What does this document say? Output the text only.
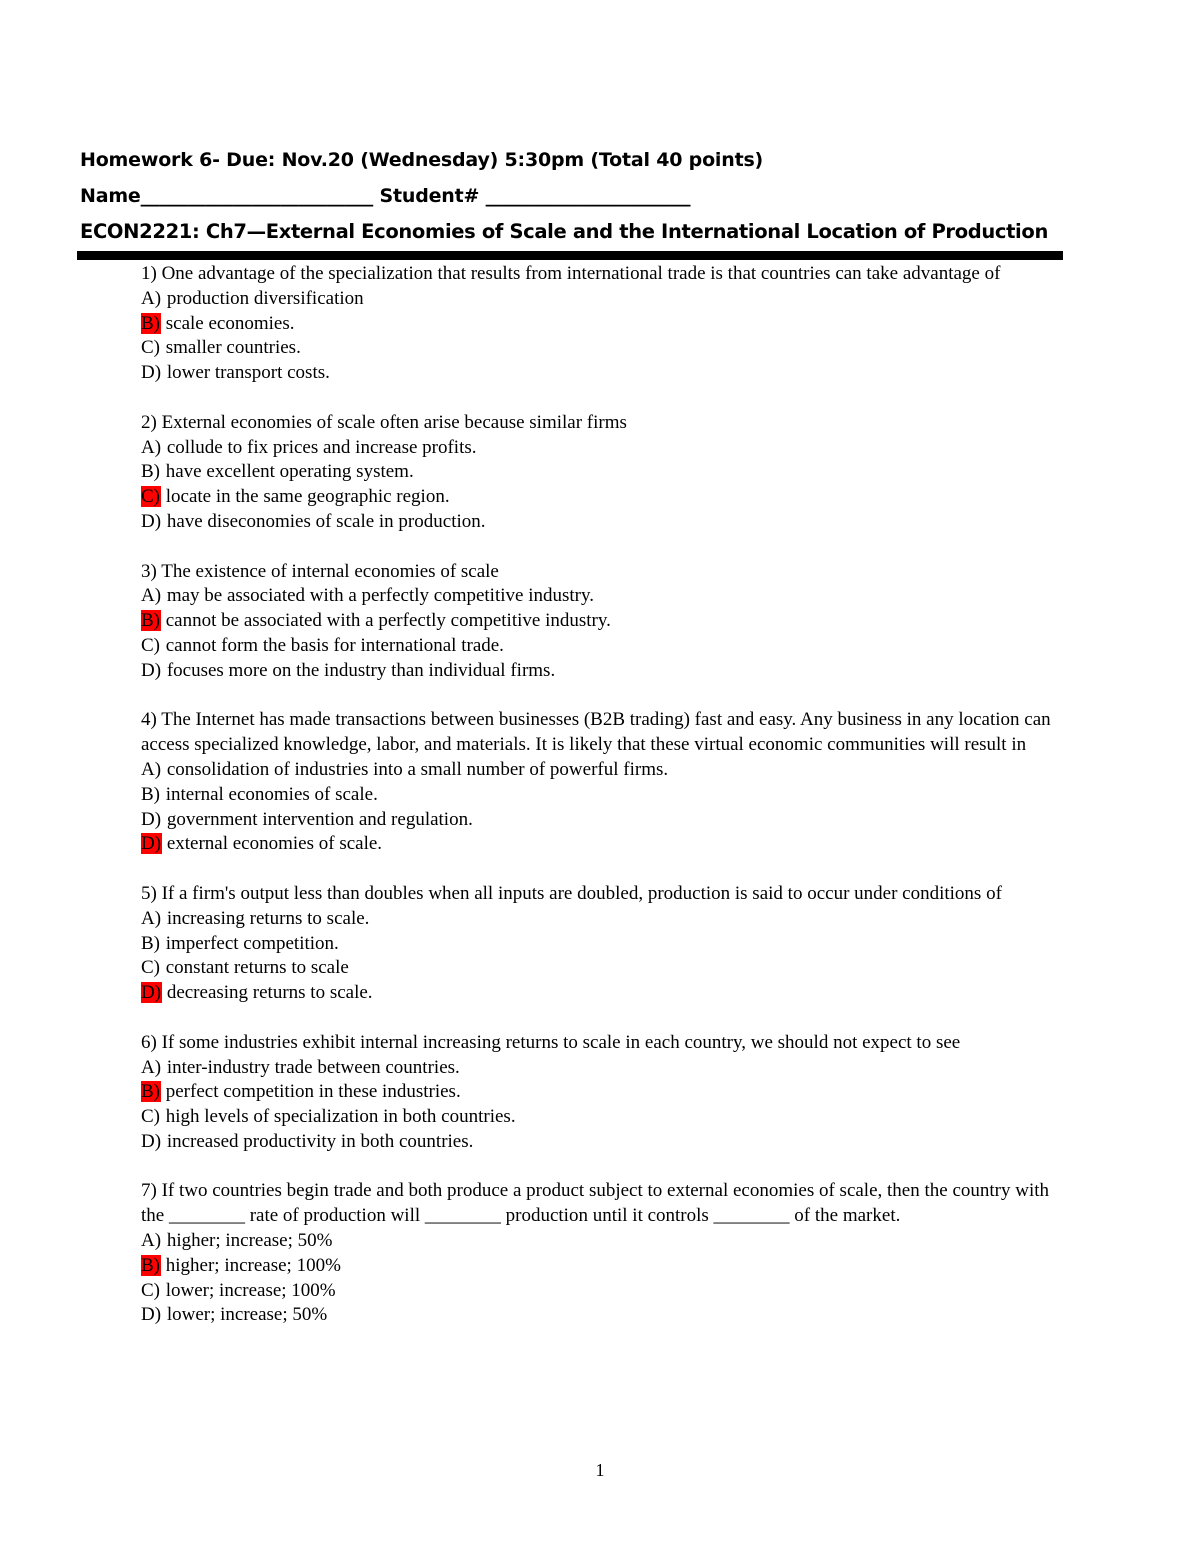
Homework 6- Due: Nov.20 (Wednesday) 5:30pm (Total 40 points)
Name_________________________ Student# ______________________
ECON2221: Ch7—External Economies of Scale and the International Location of Production
1) One advantage of the specialization that results from international trade is that countries can take advantage of
A) production diversification
B) scale economies.
C) smaller countries.
D) lower transport costs.
2) External economies of scale often arise because similar firms
A) collude to fix prices and increase profits.
B) have excellent operating system.
C) locate in the same geographic region.
D) have diseconomies of scale in production.
3) The existence of internal economies of scale
A) may be associated with a perfectly competitive industry.
B) cannot be associated with a perfectly competitive industry.
C) cannot form the basis for international trade.
D) focuses more on the industry than individual firms.
4) The Internet has made transactions between businesses (B2B trading) fast and easy. Any business in any location can access specialized knowledge, labor, and materials. It is likely that these virtual economic communities will result in
A) consolidation of industries into a small number of powerful firms.
B) internal economies of scale.
D) government intervention and regulation.
D) external economies of scale.
5) If a firm's output less than doubles when all inputs are doubled, production is said to occur under conditions of
A) increasing returns to scale.
B) imperfect competition.
C) constant returns to scale
D) decreasing returns to scale.
6) If some industries exhibit internal increasing returns to scale in each country, we should not expect to see
A) inter-industry trade between countries.
B) perfect competition in these industries.
C) high levels of specialization in both countries.
D) increased productivity in both countries.
7) If two countries begin trade and both produce a product subject to external economies of scale, then the country with the ________ rate of production will ________ production until it controls ________ of the market.
A) higher; increase; 50%
B) higher; increase; 100%
C) lower; increase; 100%
D) lower; increase; 50%
1
